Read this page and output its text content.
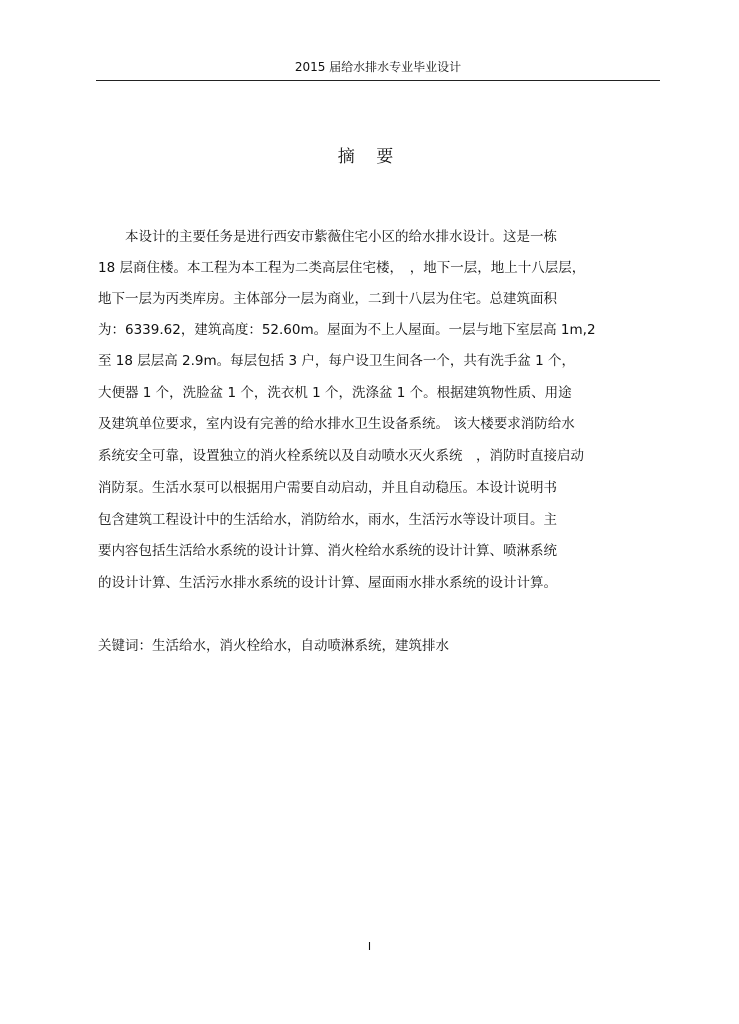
2015 届给水排水专业毕业设计
摘 要
　　本设计的主要任务是进行西安市紫薇住宅小区的给水排水设计。这是一栋
18 层商住楼。本工程为本工程为二类高层住宅楼，　，地下一层，地上十八层层，
地下一层为丙类库房。主体部分一层为商业，二到十八层为住宅。总建筑面积
为：6339.62，建筑高度：52.60m。屋面为不上人屋面。一层与地下室层高 1m,2
至 18 层层高 2.9m。每层包括 3 户，每户设卫生间各一个，共有洗手盆 1 个，
大便器 1 个，洗脸盆 1 个，洗衣机 1 个，洗涤盆 1 个。根据建筑物性质、用途
及建筑单位要求，室内设有完善的给水排水卫生设备系统。 该大楼要求消防给水
系统安全可靠，设置独立的消火栓系统以及自动喷水灭火系统　，消防时直接启动
消防泵。生活水泵可以根据用户需要自动启动，并且自动稳压。本设计说明书
包含建筑工程设计中的生活给水，消防给水，雨水，生活污水等设计项目。主
要内容包括生活给水系统的设计计算、消火栓给水系统的设计计算、喷淋系统
的设计计算、生活污水排水系统的设计计算、屋面雨水排水系统的设计计算。
关键词：生活给水，消火栓给水，自动喷淋系统，建筑排水
I
